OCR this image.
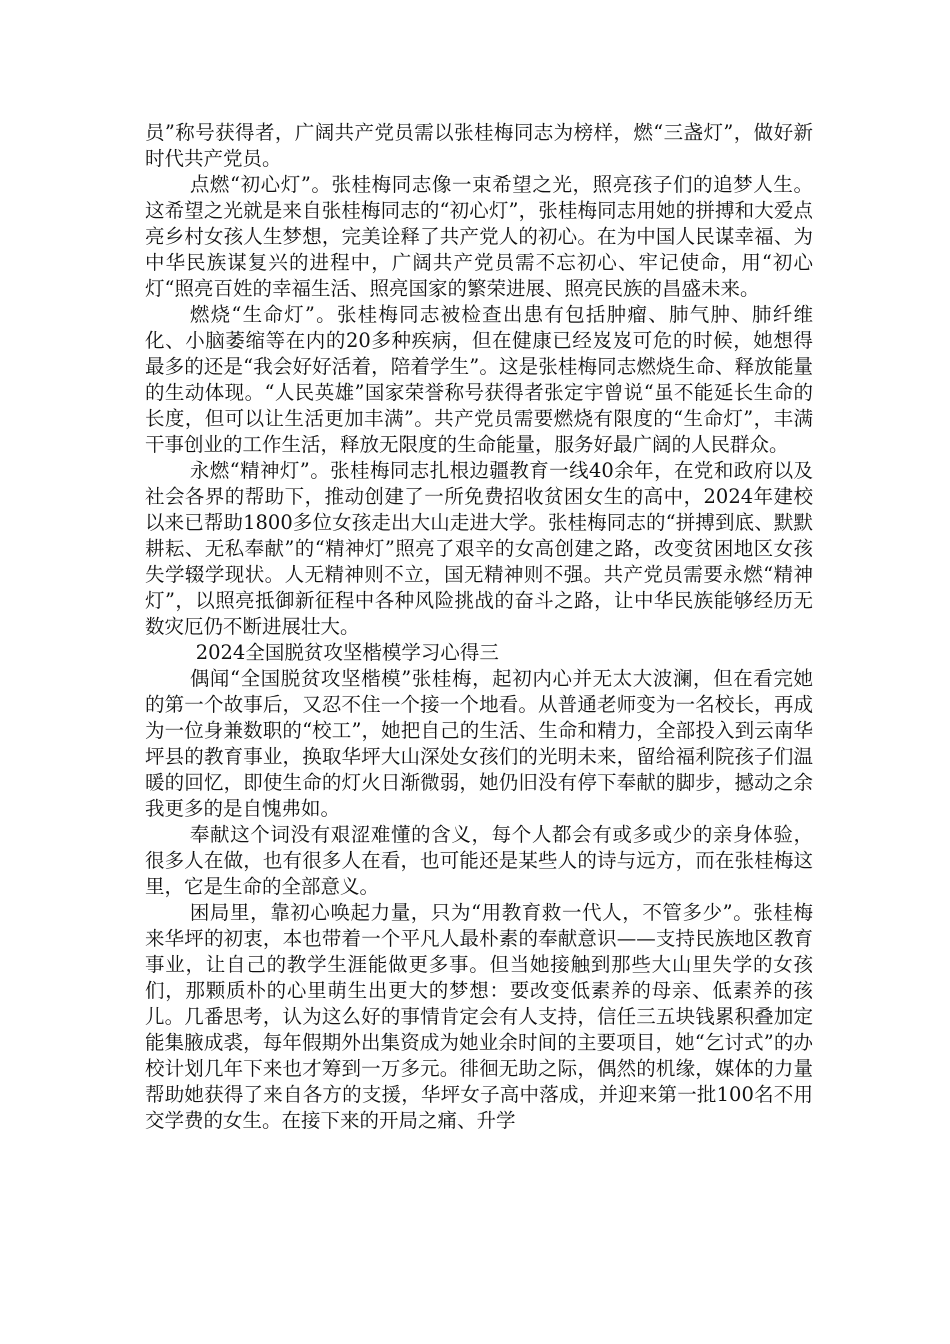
员”称号获得者，广阔共产党员需以张桂梅同志为榜样，燃“三盏灯”，做好新时代共产党员。

点燃“初心灯”。张桂梅同志像一束希望之光，照亮孩子们的追梦人生。这希望之光就是来自张桂梅同志的“初心灯”，张桂梅同志用她的拼搏和大爱点亮乡村女孩人生梦想，完美诠释了共产党人的初心。在为中国人民谋幸福、为中华民族谋复兴的进程中，广阔共产党员需不忘初心、牢记使命，用“初心灯“照亮百姓的幸福生活、照亮国家的繁荣进展、照亮民族的昌盛未来。

燃烧“生命灯”。张桂梅同志被检查出患有包括肿瘤、肺气肿、肺纤维化、小脑萎缩等在内的20多种疾病，但在健康已经岌岌可危的时候，她想得最多的还是“我会好好活着，陪着学生”。这是张桂梅同志燃烧生命、释放能量的生动体现。“人民英雄”国家荣誉称号获得者张定宇曾说“虽不能延长生命的长度，但可以让生活更加丰满”。共产党员需要燃烧有限度的“生命灯”，丰满干事创业的工作生活，释放无限度的生命能量，服务好最广阔的人民群众。

永燃“精神灯”。张桂梅同志扎根边疆教育一线40余年，在党和政府以及社会各界的帮助下，推动创建了一所免费招收贫困女生的高中，2024年建校以来已帮助1800多位女孩走出大山走进大学。张桂梅同志的“拼搏到底、默默耕耘、无私奉献”的“精神灯”照亮了艰辛的女高创建之路，改变贫困地区女孩失学辍学现状。人无精神则不立，国无精神则不强。共产党员需要永燃“精神灯”，以照亮抵御新征程中各种风险挑战的奋斗之路，让中华民族能够经历无数灾厄仍不断进展壮大。

2024全国脱贫攻坚楷模学习心得三

偶闻“全国脱贫攻坚楷模”张桂梅，起初内心并无太大波澜，但在看完她的第一个故事后，又忍不住一个接一个地看。从普通老师变为一名校长，再成为一位身兼数职的“校工”，她把自己的生活、生命和精力，全部投入到云南华坪县的教育事业，换取华坪大山深处女孩们的光明未来，留给福利院孩子们温暖的回忆，即使生命的灯火日渐微弱，她仍旧没有停下奉献的脚步，撼动之余我更多的是自愧弗如。

奉献这个词没有艰涩难懂的含义，每个人都会有或多或少的亲身体验，很多人在做，也有很多人在看，也可能还是某些人的诗与远方，而在张桂梅这里，它是生命的全部意义。

困局里，靠初心唤起力量，只为“用教育救一代人，不管多少”。张桂梅来华坪的初衷，本也带着一个平凡人最朴素的奉献意识——支持民族地区教育事业，让自己的教学生涯能做更多事。但当她接触到那些大山里失学的女孩们，那颗质朴的心里萌生出更大的梦想：要改变低素养的母亲、低素养的孩儿。几番思考，认为这么好的事情肯定会有人支持，信任三五块钱累积叠加定能集腋成裘，每年假期外出集资成为她业余时间的主要项目，她“乞讨式”的办校计划几年下来也才筹到一万多元。徘徊无助之际，偶然的机缘，媒体的力量帮助她获得了来自各方的支援，华坪女子高中落成，并迎来第一批100名不用交学费的女生。在接下来的开局之痛、升学
